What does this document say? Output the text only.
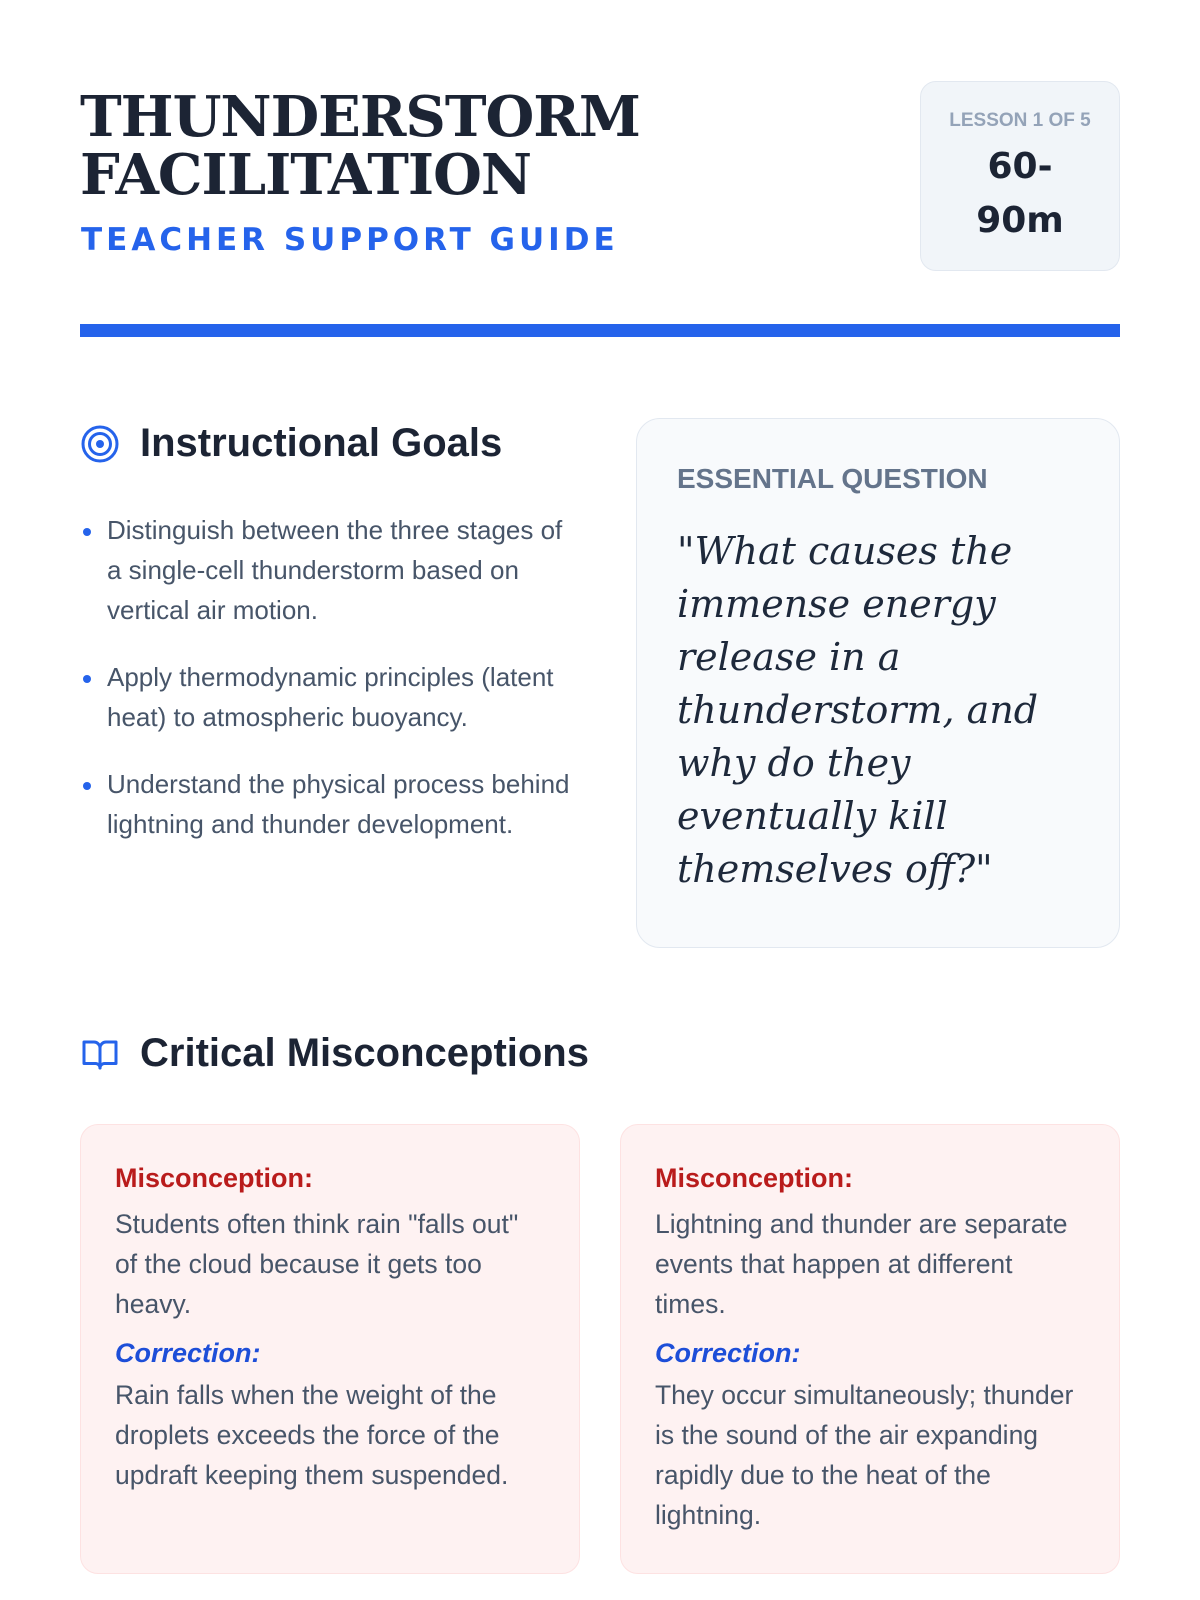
THUNDERSTORM
FACILITATION
TEACHER SUPPORT GUIDE
LESSON 1 OF 5
60-
90m
Instructional Goals
Distinguish between the three stages of a single-cell thunderstorm based on vertical air motion.
Apply thermodynamic principles (latent heat) to atmospheric buoyancy.
Understand the physical process behind lightning and thunder development.
ESSENTIAL QUESTION
"What causes the immense energy release in a thunderstorm, and why do they eventually kill themselves off?"
Critical Misconceptions
Misconception:
Students often think rain "falls out" of the cloud because it gets too heavy.
Correction:
Rain falls when the weight of the droplets exceeds the force of the updraft keeping them suspended.
Misconception:
Lightning and thunder are separate events that happen at different times.
Correction:
They occur simultaneously; thunder is the sound of the air expanding rapidly due to the heat of the lightning.
